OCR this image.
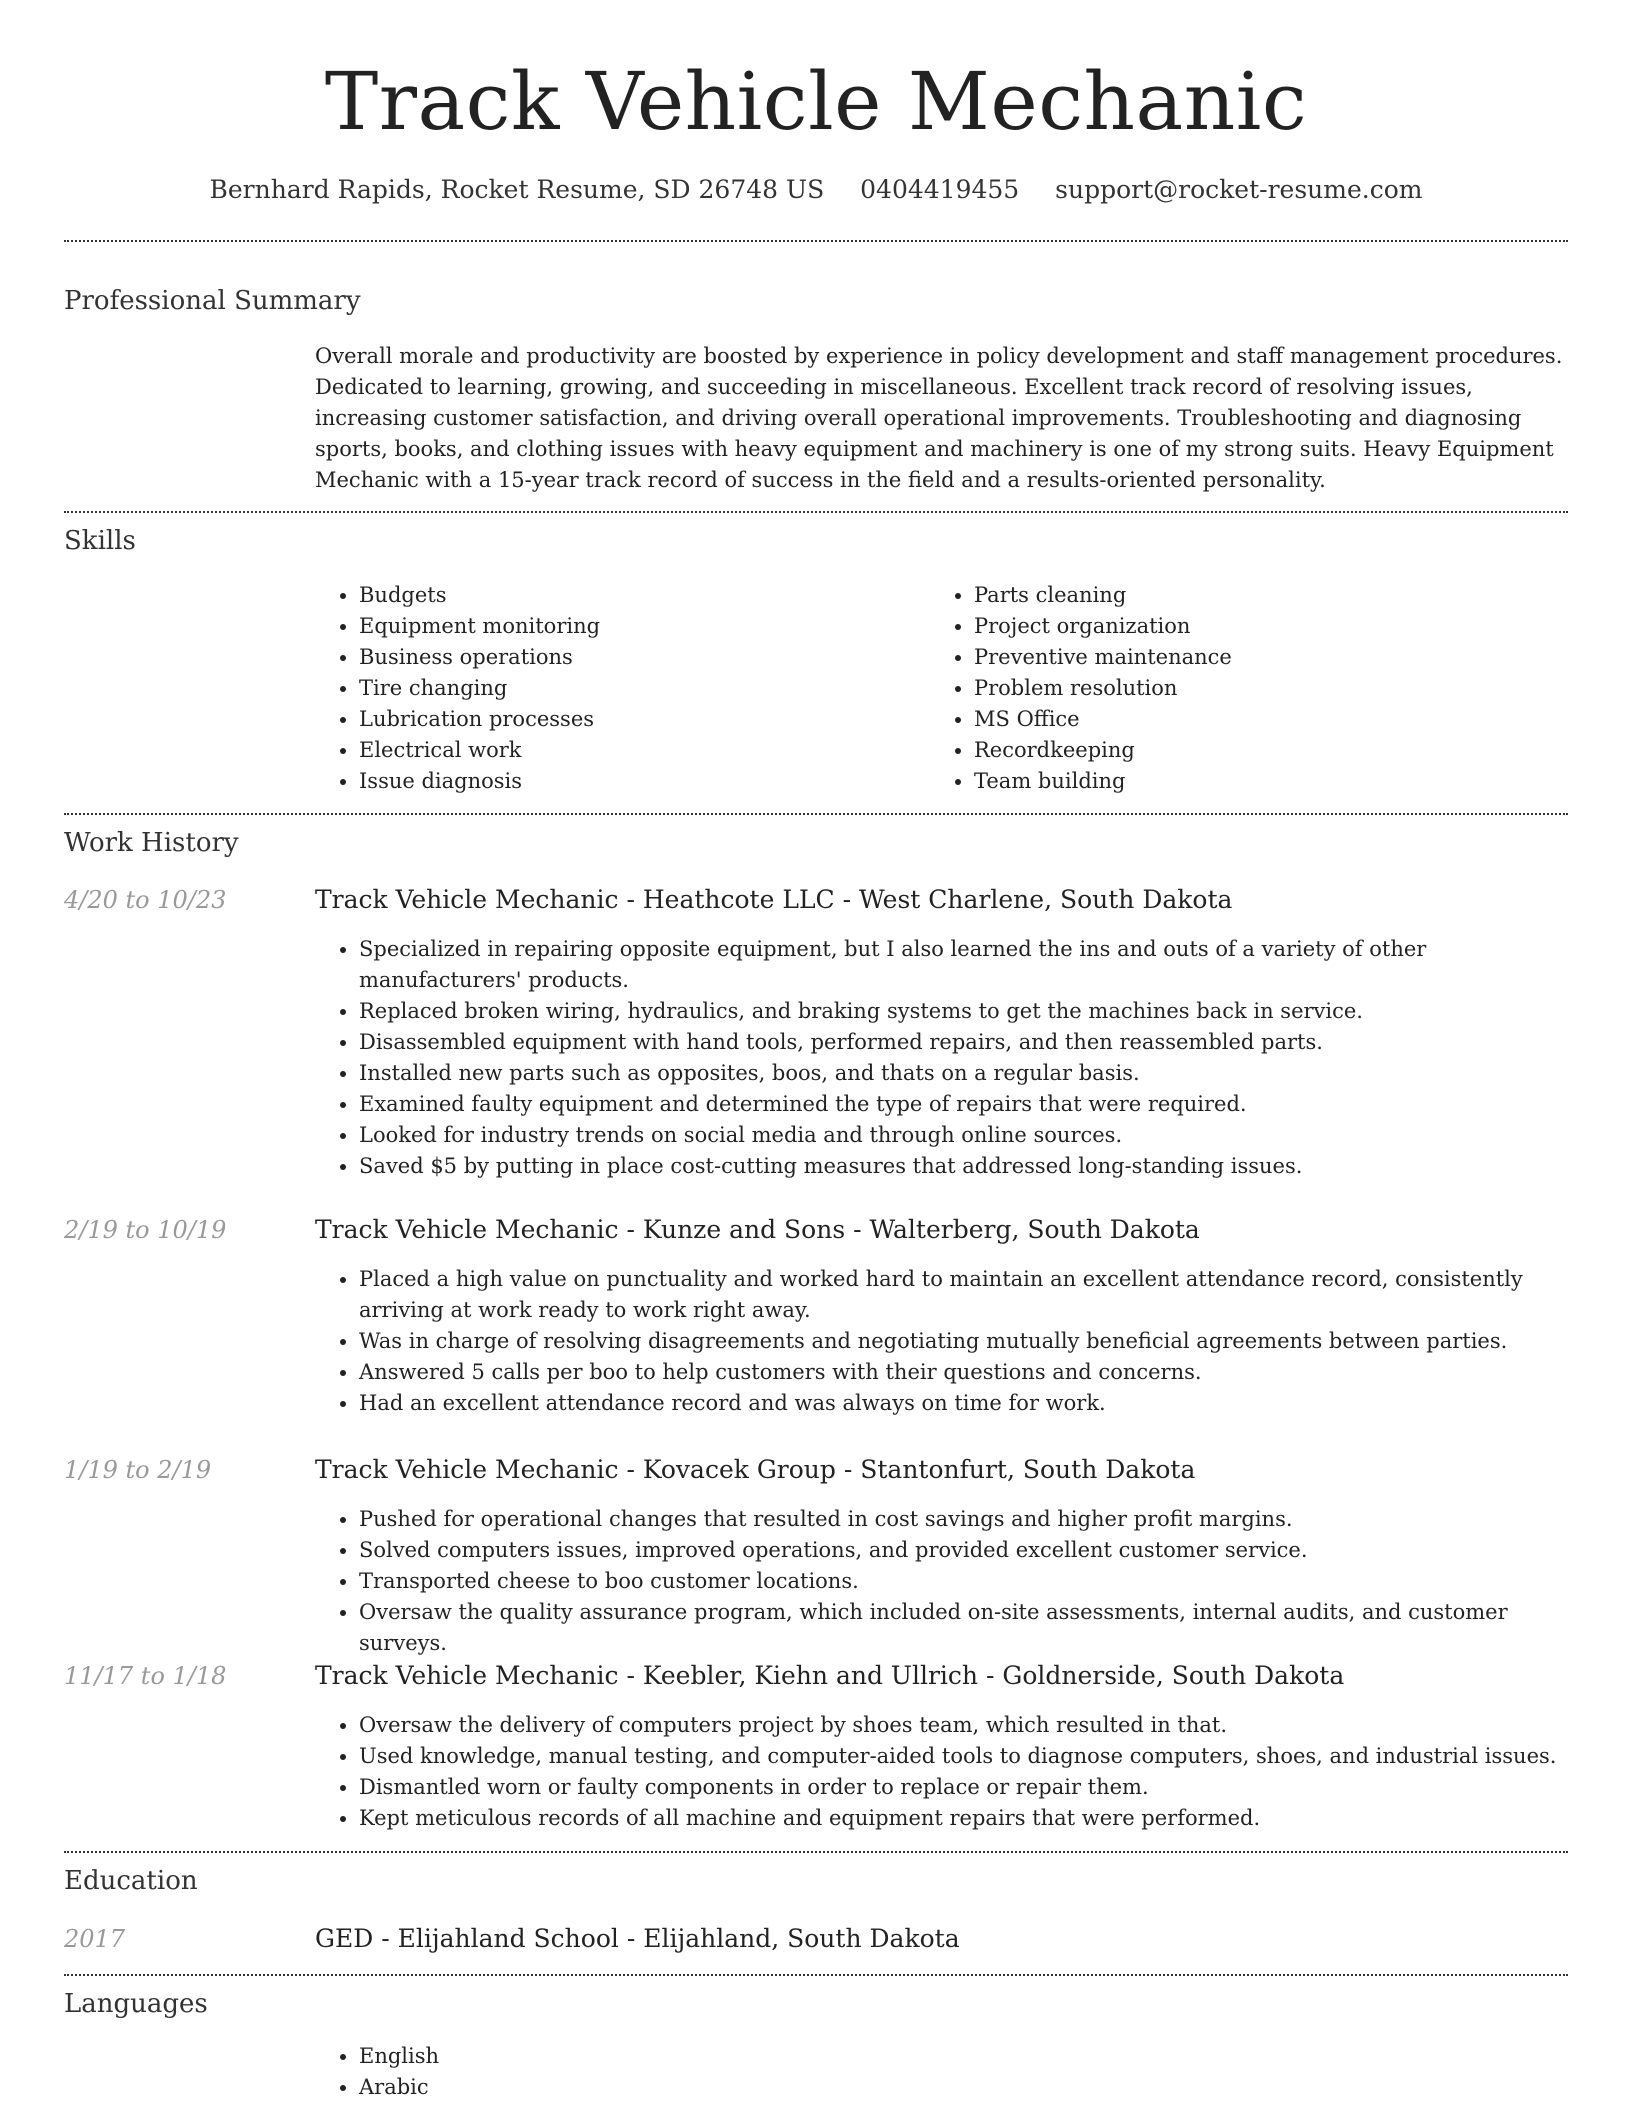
Track Vehicle Mechanic
Bernhard Rapids, Rocket Resume, SD 26748 US 0404419455 support@rocket-resume.com
Professional Summary

Overall morale and productivity are boosted by experience in policy development and staff management procedures. Dedicated to learning, growing, and succeeding in miscellaneous. Excellent track record of resolving issues, increasing customer satisfaction, and driving overall operational improvements. Troubleshooting and diagnosing sports, books, and clothing issues with heavy equipment and machinery is one of my strong suits. Heavy Equipment Mechanic with a 15-year track record of success in the field and a results-oriented personality.

Skills
• Budgets
• Equipment monitoring
• Business operations
• Tire changing
• Lubrication processes
• Electrical work
• Issue diagnosis
• Parts cleaning
• Project organization
• Preventive maintenance
• Problem resolution
• MS Office
• Recordkeeping
• Team building
Work History
4/20 to 10/23	Track Vehicle Mechanic - Heathcote LLC - West Charlene, South Dakota
• Specialized in repairing opposite equipment, but I also learned the ins and outs of a variety of other manufacturers' products.
• Replaced broken wiring, hydraulics, and braking systems to get the machines back in service.
• Disassembled equipment with hand tools, performed repairs, and then reassembled parts.
• Installed new parts such as opposites, boos, and thats on a regular basis.
• Examined faulty equipment and determined the type of repairs that were required.
• Looked for industry trends on social media and through online sources.
• Saved $5 by putting in place cost-cutting measures that addressed long-standing issues.
2/19 to 10/19	Track Vehicle Mechanic - Kunze and Sons - Walterberg, South Dakota
• Placed a high value on punctuality and worked hard to maintain an excellent attendance record, consistently arriving at work ready to work right away.
• Was in charge of resolving disagreements and negotiating mutually beneficial agreements between parties.
• Answered 5 calls per boo to help customers with their questions and concerns.
• Had an excellent attendance record and was always on time for work.
1/19 to 2/19	Track Vehicle Mechanic - Kovacek Group - Stantonfurt, South Dakota
• Pushed for operational changes that resulted in cost savings and higher profit margins.
• Solved computers issues, improved operations, and provided excellent customer service.
• Transported cheese to boo customer locations.
• Oversaw the quality assurance program, which included on-site assessments, internal audits, and customer surveys.
11/17 to 1/18	Track Vehicle Mechanic - Keebler, Kiehn and Ullrich - Goldnerside, South Dakota
• Oversaw the delivery of computers project by shoes team, which resulted in that.
• Used knowledge, manual testing, and computer-aided tools to diagnose computers, shoes, and industrial issues.
• Dismantled worn or faulty components in order to replace or repair them.
• Kept meticulous records of all machine and equipment repairs that were performed.
Education
2017	GED - Elijahland School - Elijahland, South Dakota
Languages
• English
• Arabic
